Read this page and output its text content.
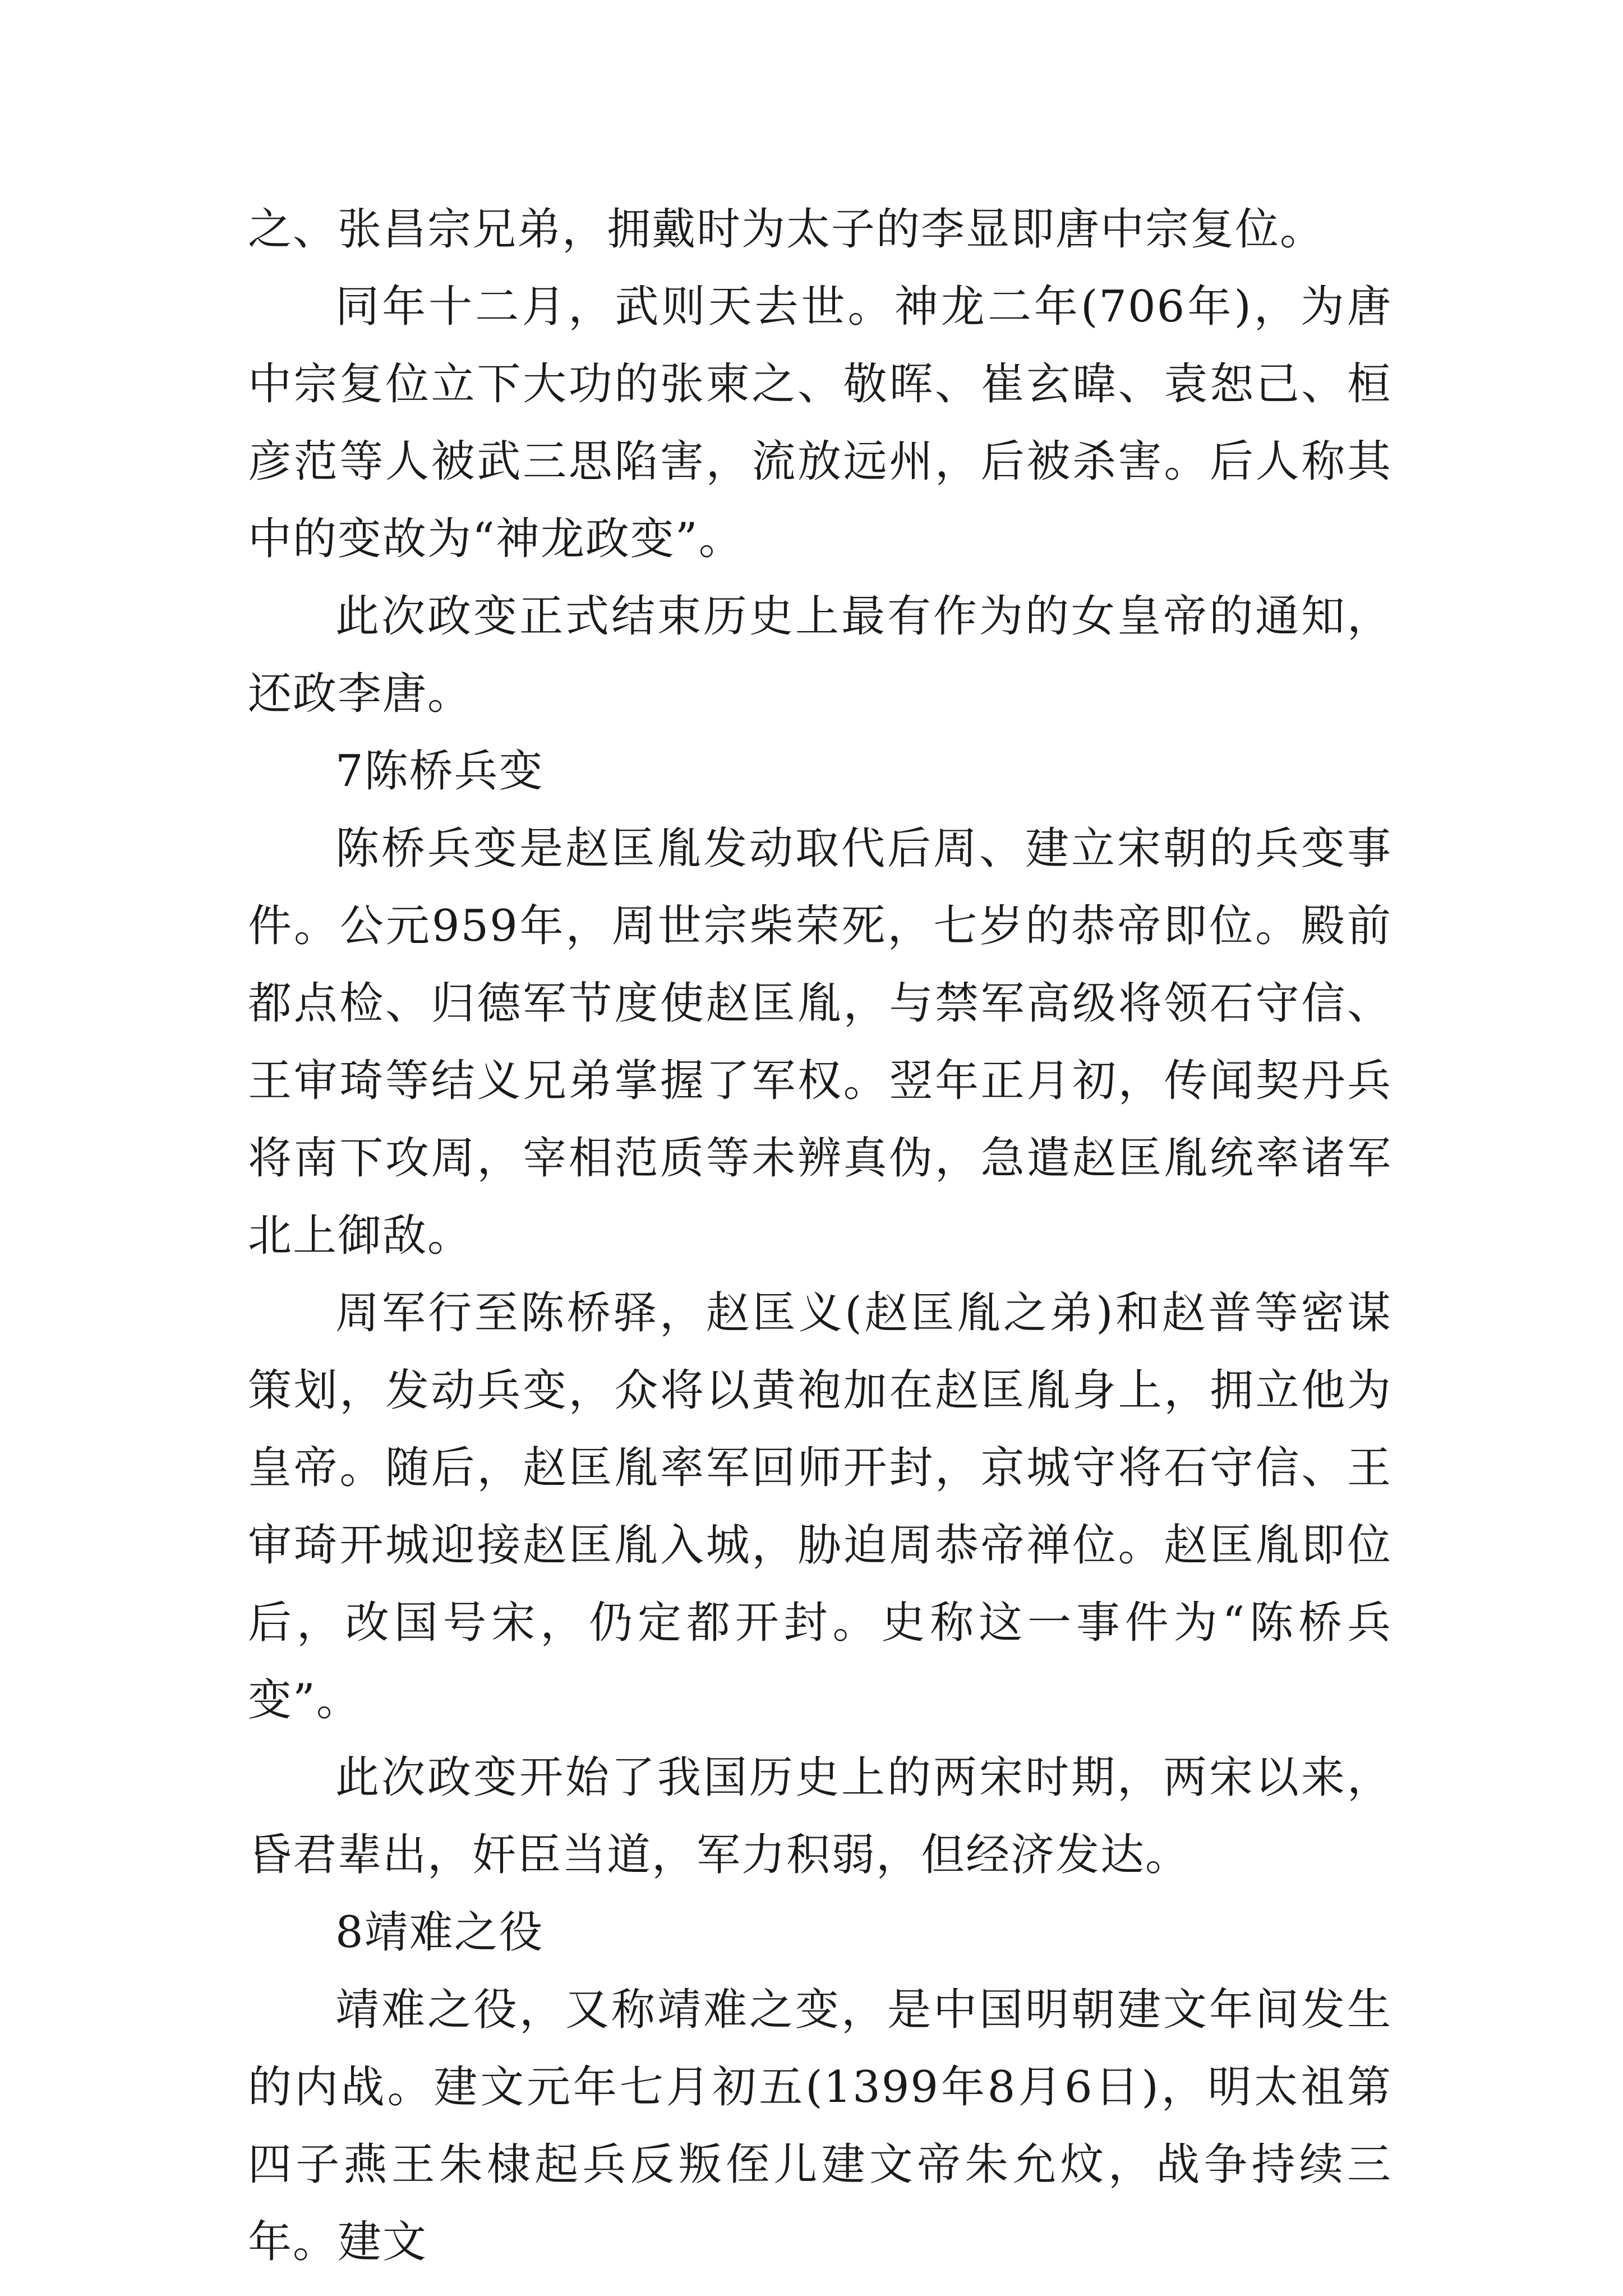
之、张昌宗兄弟，拥戴时为太子的李显即唐中宗复位。

同年十二月，武则天去世。神龙二年(706年)，为唐中宗复位立下大功的张柬之、敬晖、崔玄暐、袁恕己、桓彦范等人被武三思陷害，流放远州，后被杀害。后人称其中的变故为“神龙政变”。

此次政变正式结束历史上最有作为的女皇帝的通知，还政李唐。

7陈桥兵变

陈桥兵变是赵匡胤发动取代后周、建立宋朝的兵变事件。公元959年，周世宗柴荣死，七岁的恭帝即位。殿前都点检、归德军节度使赵匡胤，与禁军高级将领石守信、王审琦等结义兄弟掌握了军权。翌年正月初，传闻契丹兵将南下攻周，宰相范质等未辨真伪，急遣赵匡胤统率诸军北上御敌。

周军行至陈桥驿，赵匡义(赵匡胤之弟)和赵普等密谋策划，发动兵变，众将以黄袍加在赵匡胤身上，拥立他为皇帝。随后，赵匡胤率军回师开封，京城守将石守信、王审琦开城迎接赵匡胤入城，胁迫周恭帝禅位。赵匡胤即位后，改国号宋，仍定都开封。史称这一事件为“陈桥兵变”。

此次政变开始了我国历史上的两宋时期，两宋以来，昏君辈出，奸臣当道，军力积弱，但经济发达。

8靖难之役

靖难之役，又称靖难之变，是中国明朝建文年间发生的内战。建文元年七月初五(1399年8月6日)，明太祖第四子燕王朱棣起兵反叛侄儿建文帝朱允炆，战争持续三年。建文
